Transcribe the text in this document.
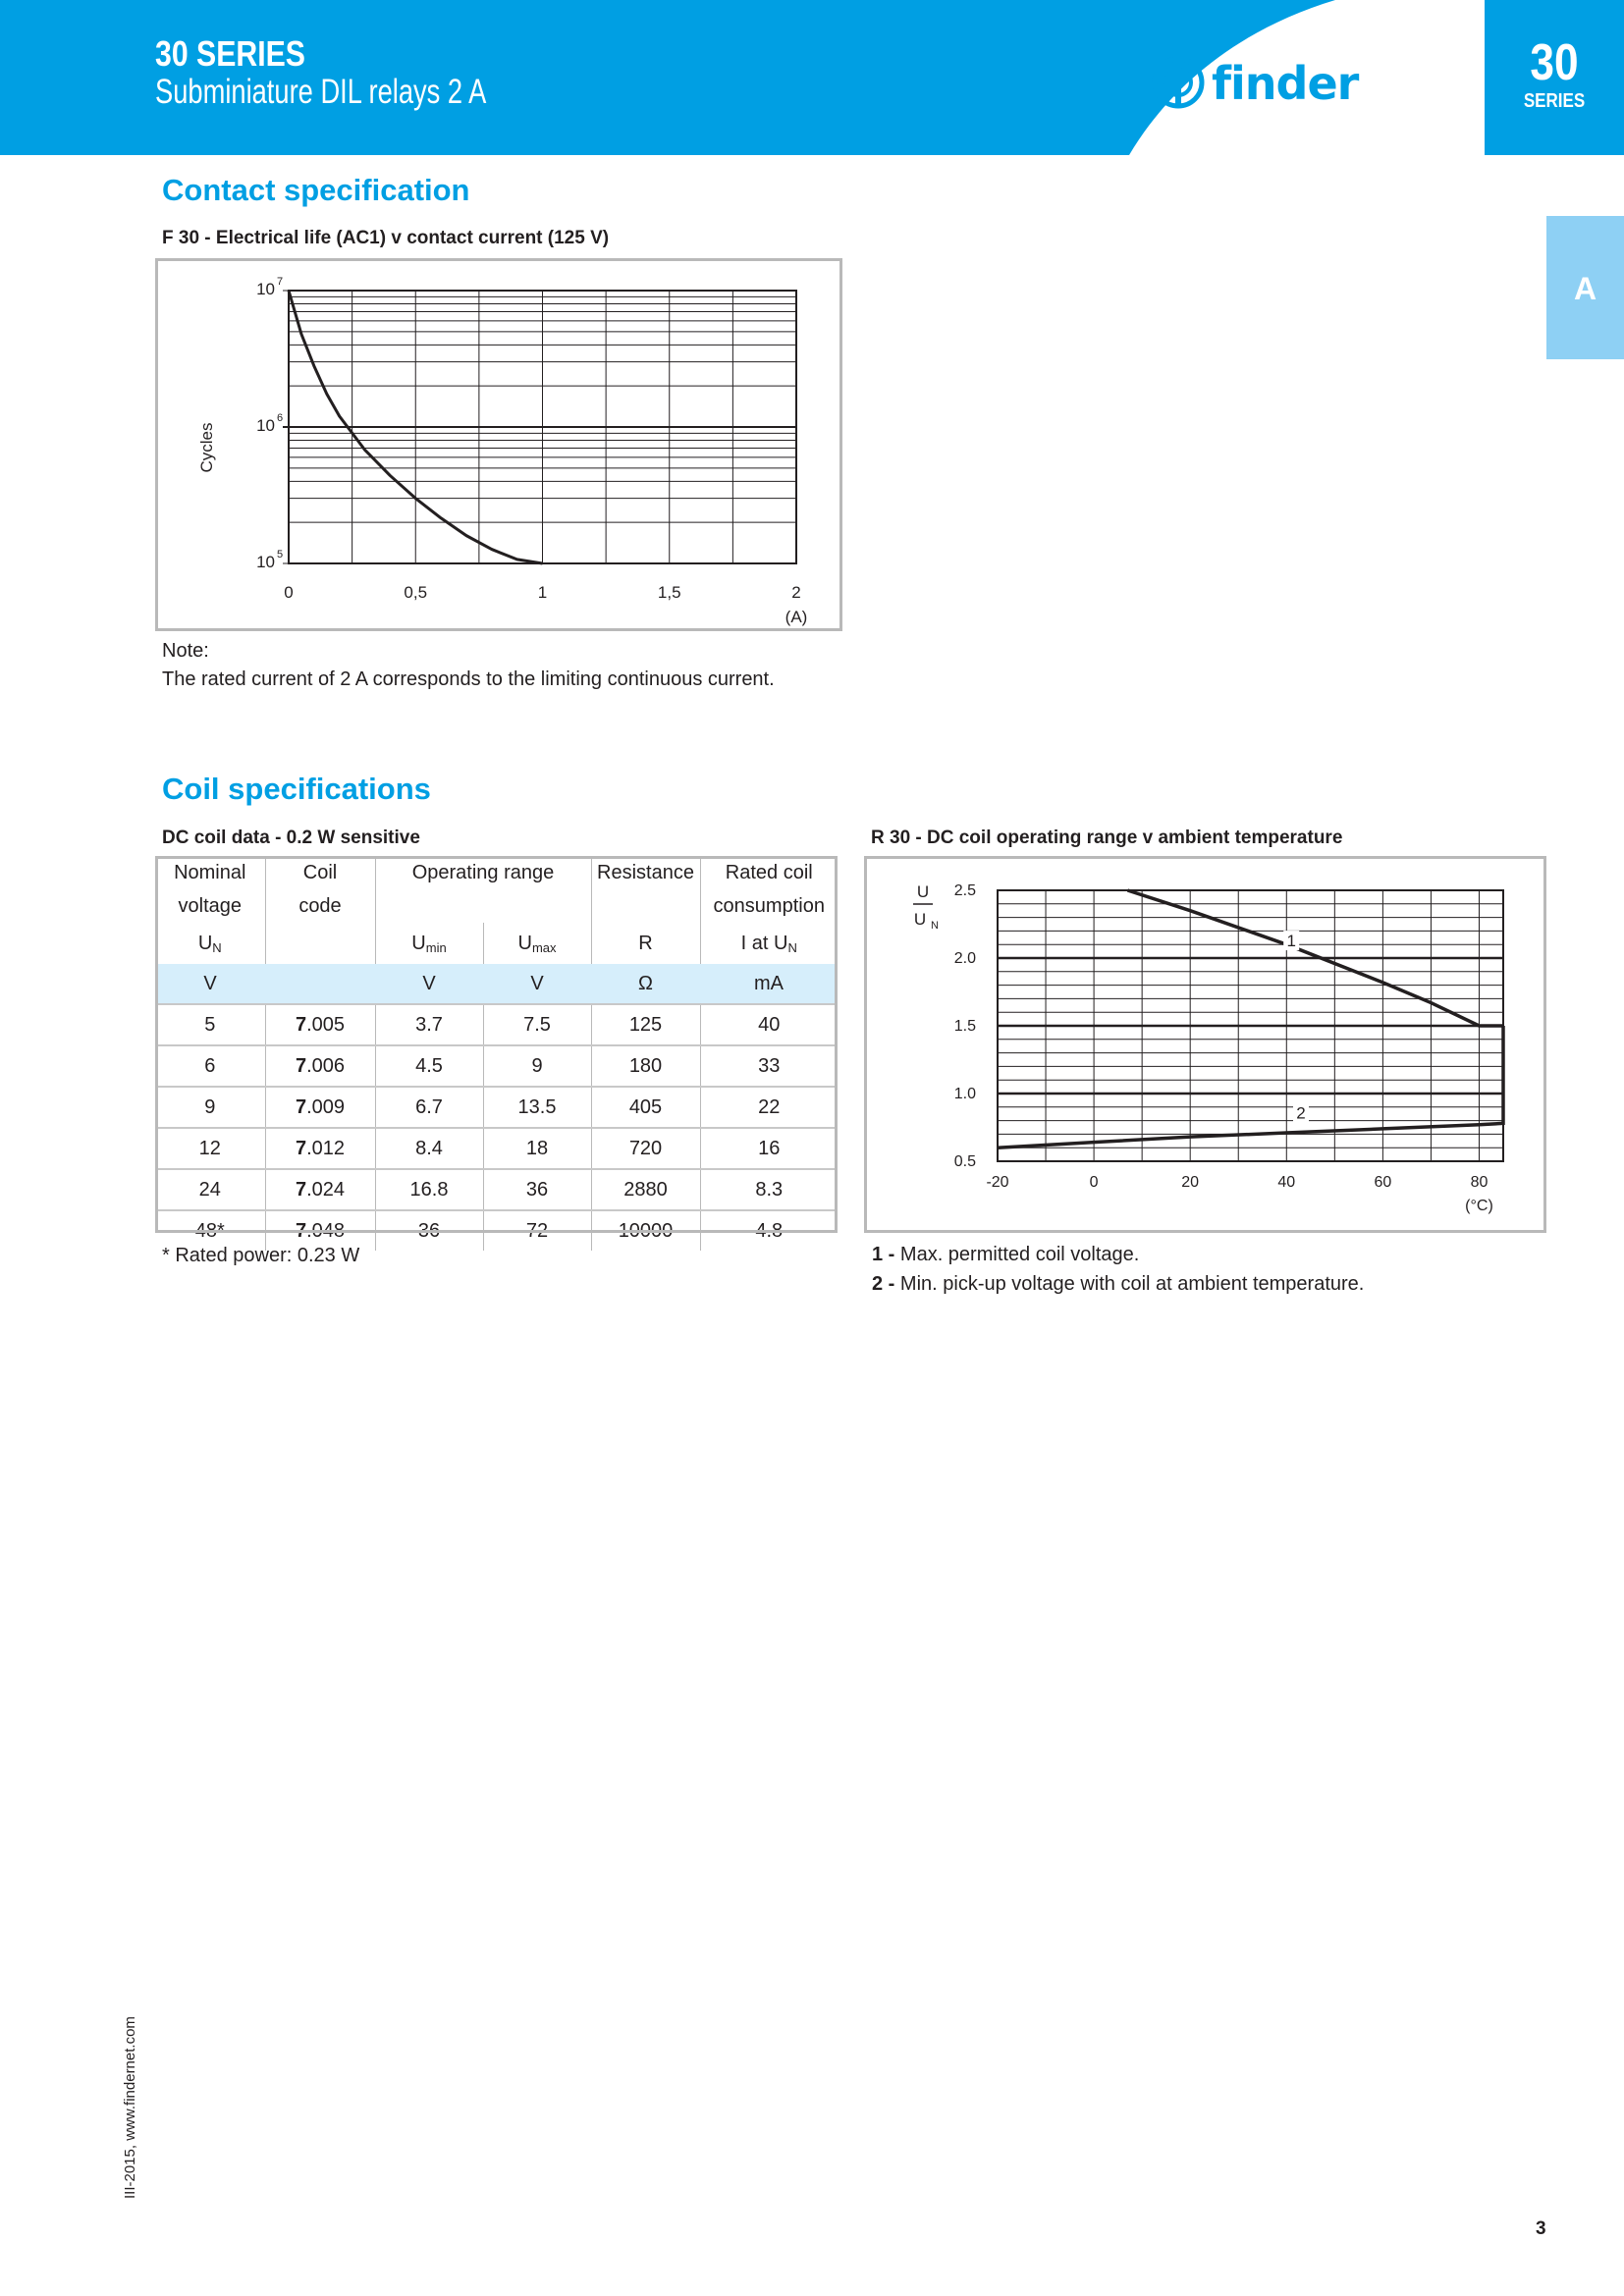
30 SERIES
Subminiature DIL relays 2 A	finder	30
SERIES
A
Contact specification
F 30 - Electrical life (AC1) v contact current (125 V)
10 7
10 6
10 5
0	0,5	1	1,5	2
(A)
Cycles
Note:
The rated current of 2 A corresponds to the limiting continuous current.
Coil specifications
DC coil data - 0.2 W sensitive	R 30 - DC coil operating range v ambient temperature
Nominal	Coil	Operating range		Resistance	Rated coil
voltage	code				consumption
$U_N$		$U_{min}$	$U_{max}$	R	I at $U_N$
V		V	V	Ω	mA
5	7.005	3.7	7.5	125	40
6	7.006	4.5	9	180	33
9	7.009	6.7	13.5	405	22
12	7.012	8.4	18	720	16
24	7.024	16.8	36	2880	8.3
48*	7.048	36	72	10000	4.8
* Rated power: 0.23 W
2.5
2.0
1.5
1.0
0.5
-20	0	20	40	60	80
(°C)
U
U N
1
2
1 - Max. permitted coil voltage.
2 - Min. pick-up voltage with coil at ambient temperature.
III-2015, www.findernet.com
3
